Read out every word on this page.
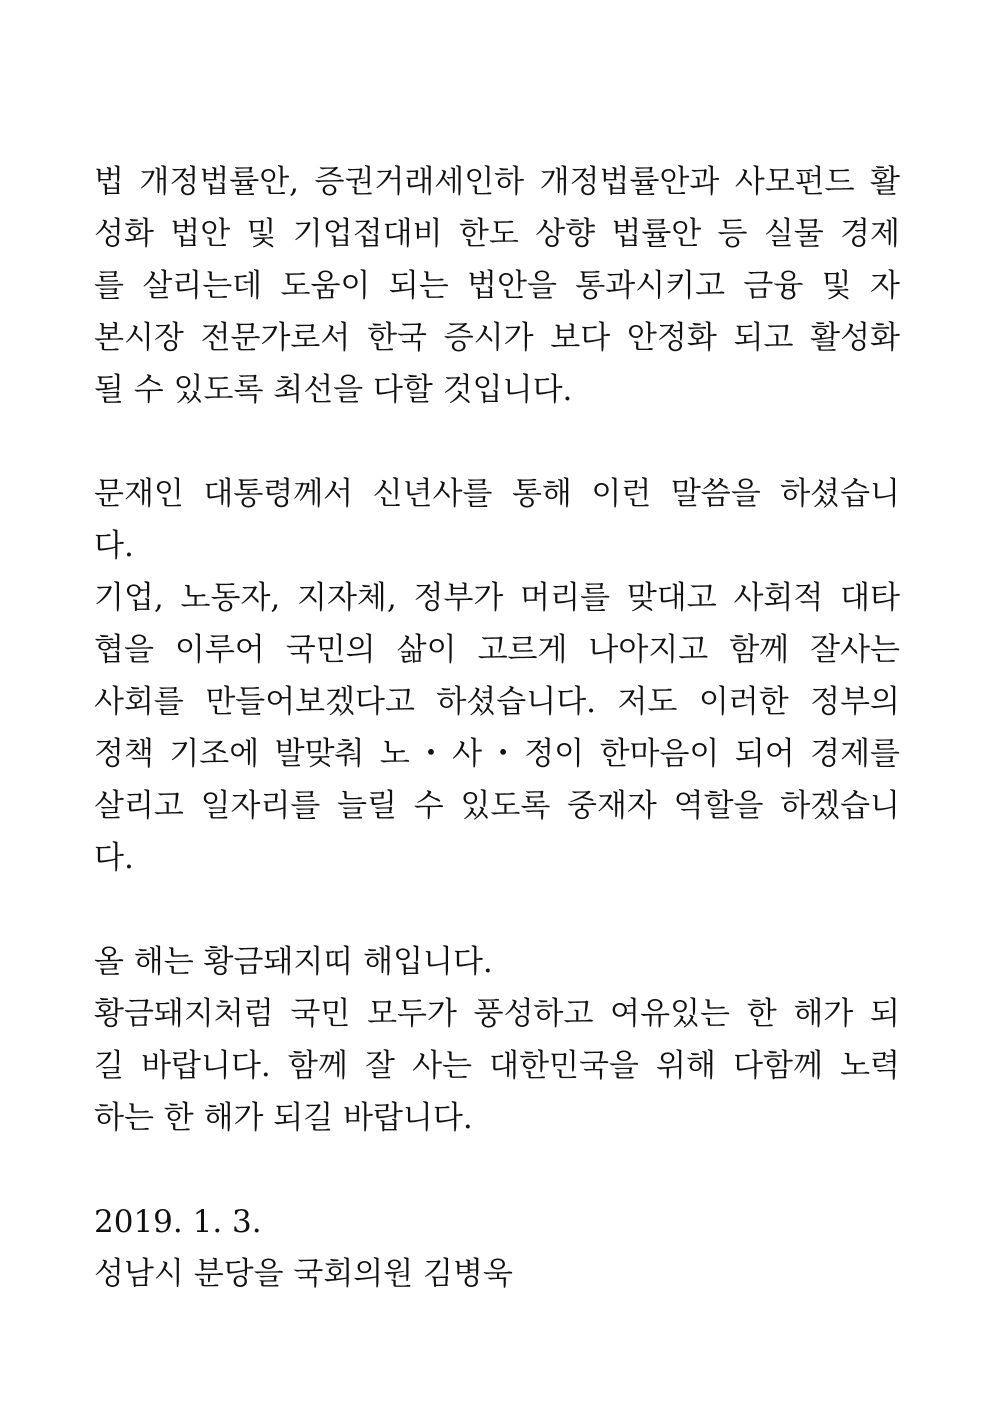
법 개정법률안, 증권거래세인하 개정법률안과 사모펀드 활
성화 법안 및 기업접대비 한도 상향 법률안 등 실물 경제
를 살리는데 도움이 되는 법안을 통과시키고 금융 및 자
본시장 전문가로서 한국 증시가 보다 안정화 되고 활성화
될 수 있도록 최선을 다할 것입니다.
문재인 대통령께서 신년사를 통해 이런 말씀을 하셨습니
다.
기업, 노동자, 지자체, 정부가 머리를 맞대고 사회적 대타
협을 이루어 국민의 삶이 고르게 나아지고 함께 잘사는
사회를 만들어보겠다고 하셨습니다. 저도 이러한 정부의
정책 기조에 발맞춰 노・사・정이 한마음이 되어 경제를
살리고 일자리를 늘릴 수 있도록 중재자 역할을 하겠습니
다.
올 해는 황금돼지띠 해입니다.
황금돼지처럼 국민 모두가 풍성하고 여유있는 한 해가 되
길 바랍니다. 함께 잘 사는 대한민국을 위해 다함께 노력
하는 한 해가 되길 바랍니다.
2019. 1. 3.
성남시 분당을 국회의원 김병욱
